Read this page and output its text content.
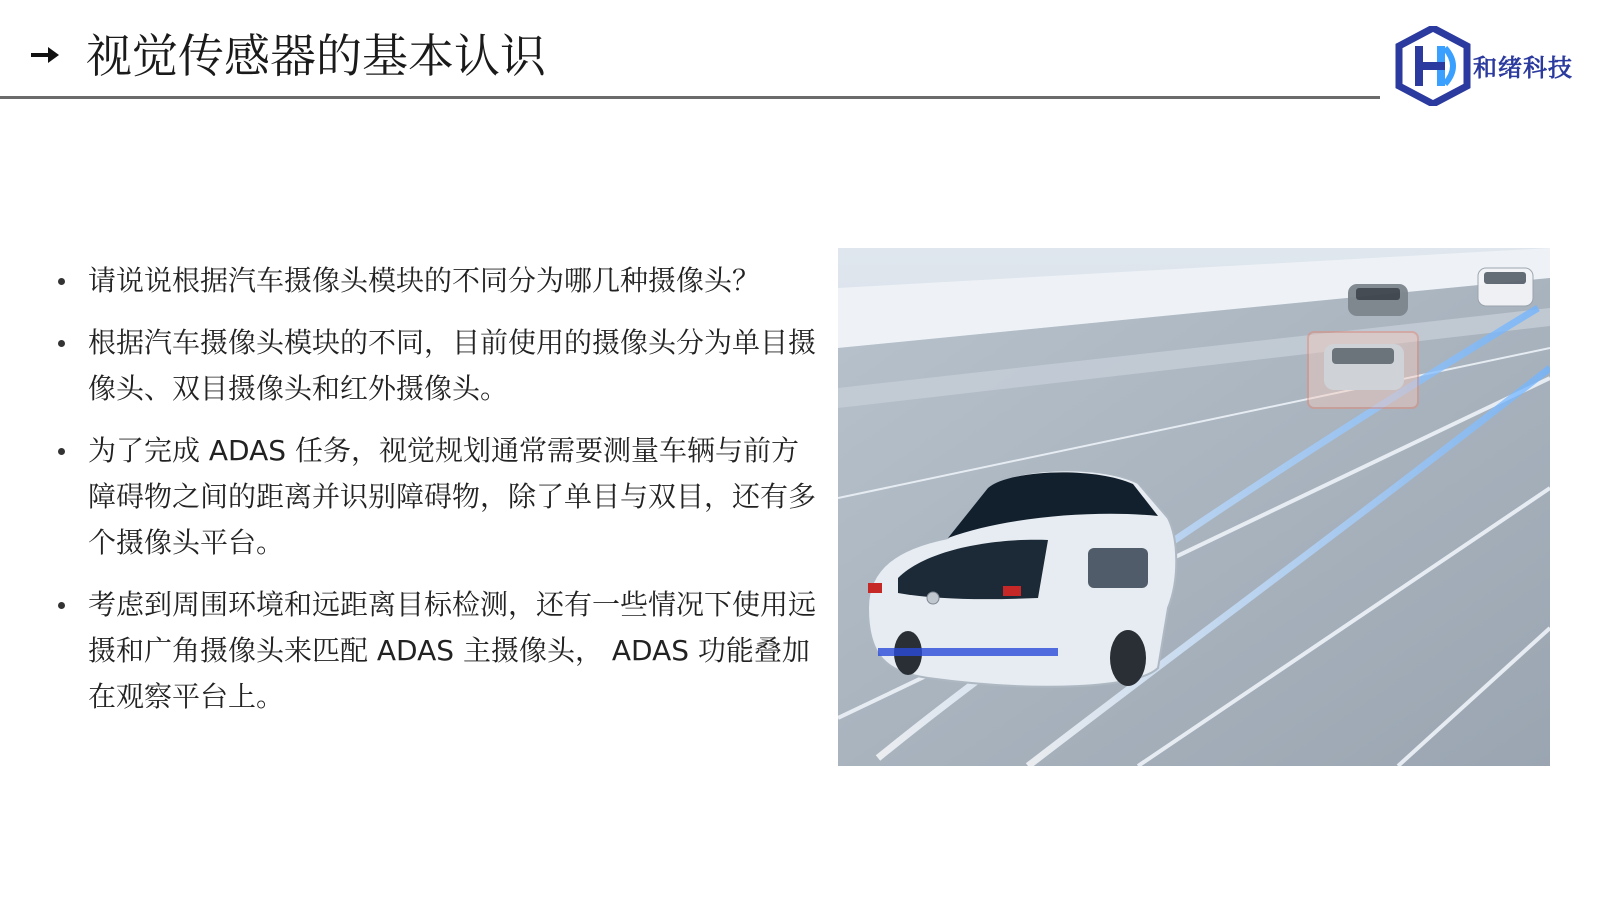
视觉传感器的基本认识	和绪科技
请说说根据汽车摄像头模块的不同分为哪几种摄像头？
根据汽车摄像头模块的不同，目前使用的摄像头分为单目摄像头、双目摄像头和红外摄像头。
为了完成 ADAS 任务，视觉规划通常需要测量车辆与前方障碍物之间的距离并识别障碍物，除了单目与双目，还有多个摄像头平台。
考虑到周围环境和远距离目标检测，还有一些情况下使用远摄和广角摄像头来匹配 ADAS 主摄像头， ADAS 功能叠加在观察平台上。
